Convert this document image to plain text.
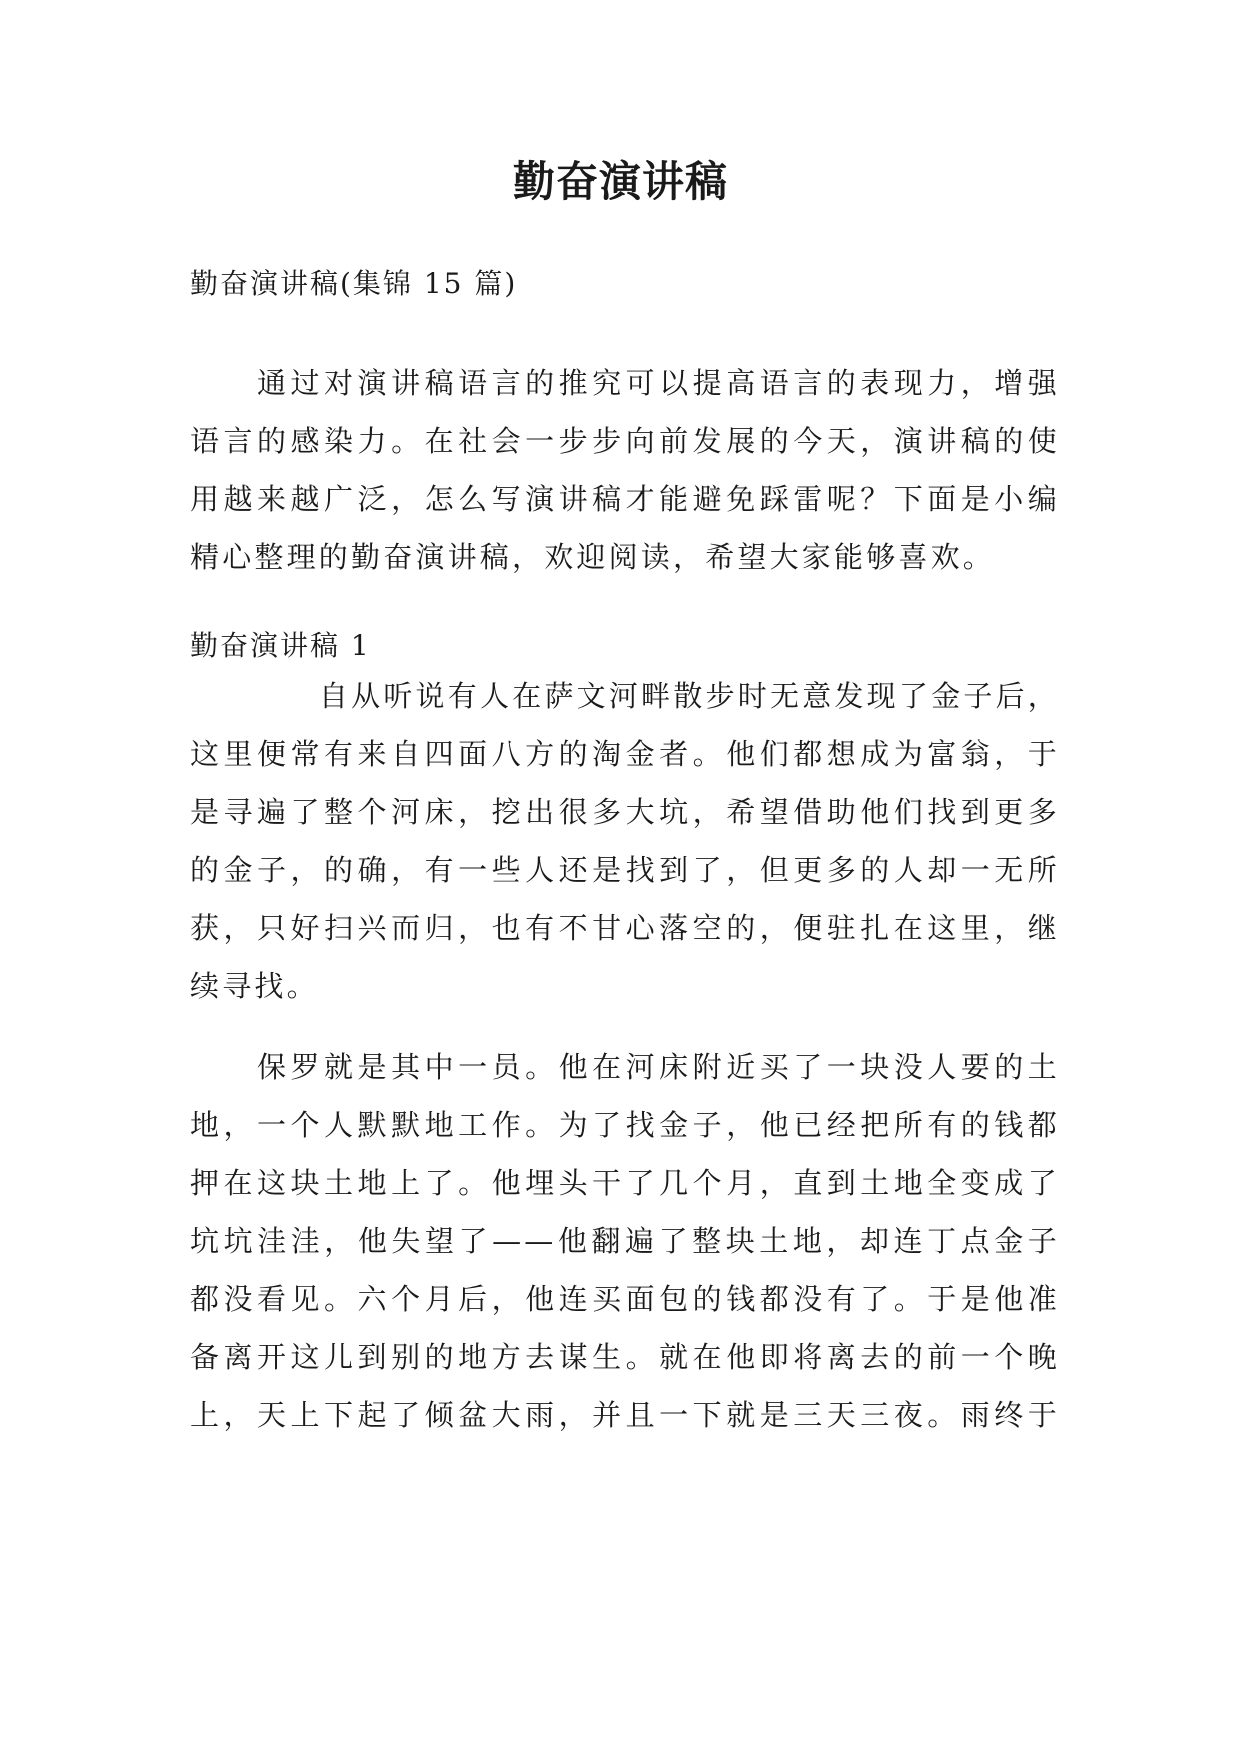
勤奋演讲稿
勤奋演讲稿(集锦 15 篇)
　　通过对演讲稿语言的推究可以提高语言的表现力，增强
语言的感染力。在社会一步步向前发展的今天，演讲稿的使
用越来越广泛，怎么写演讲稿才能避免踩雷呢？下面是小编
精心整理的勤奋演讲稿，欢迎阅读，希望大家能够喜欢。
勤奋演讲稿 1
　　　　自从听说有人在萨文河畔散步时无意发现了金子后，
这里便常有来自四面八方的淘金者。他们都想成为富翁，于
是寻遍了整个河床，挖出很多大坑，希望借助他们找到更多
的金子，的确，有一些人还是找到了，但更多的人却一无所
获，只好扫兴而归，也有不甘心落空的，便驻扎在这里，继
续寻找。
　　保罗就是其中一员。他在河床附近买了一块没人要的土
地，一个人默默地工作。为了找金子，他已经把所有的钱都
押在这块土地上了。他埋头干了几个月，直到土地全变成了
坑坑洼洼，他失望了——他翻遍了整块土地，却连丁点金子
都没看见。六个月后，他连买面包的钱都没有了。于是他准
备离开这儿到别的地方去谋生。就在他即将离去的前一个晚
上，天上下起了倾盆大雨，并且一下就是三天三夜。雨终于
